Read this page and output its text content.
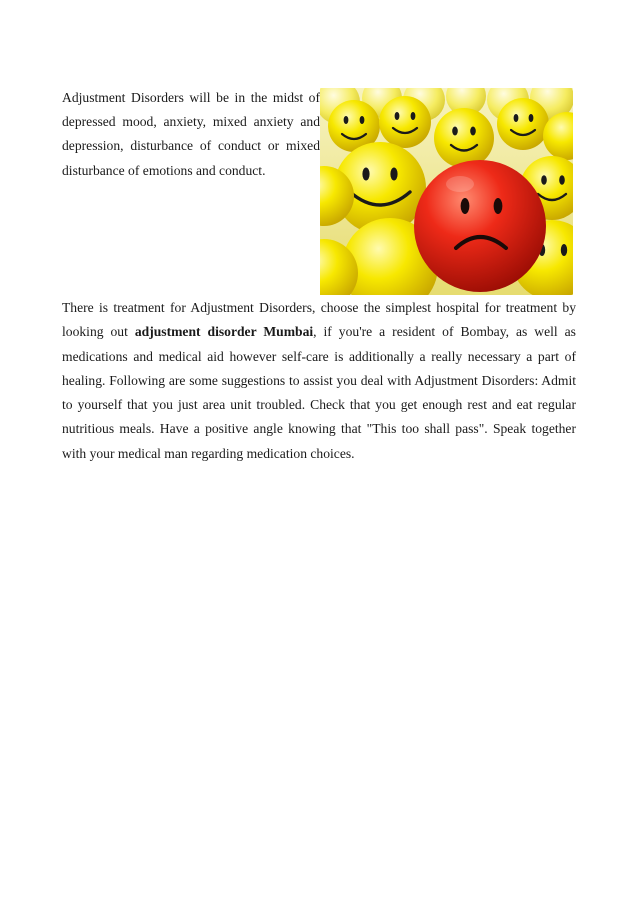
Adjustment Disorders will be in the midst of depressed mood, anxiety, mixed anxiety and depression, disturbance of conduct or mixed disturbance of emotions and conduct.

There is treatment for Adjustment Disorders, choose the simplest hospital for treatment by looking out adjustment disorder Mumbai, if you're a resident of Bombay, as well as medications and medical aid however self-care is additionally a really necessary a part of healing. Following are some suggestions to assist you deal with Adjustment Disorders: Admit to yourself that you just area unit troubled. Check that you get enough rest and eat regular nutritious meals. Have a positive angle knowing that "This too shall pass". Speak together with your medical man regarding medication choices.
